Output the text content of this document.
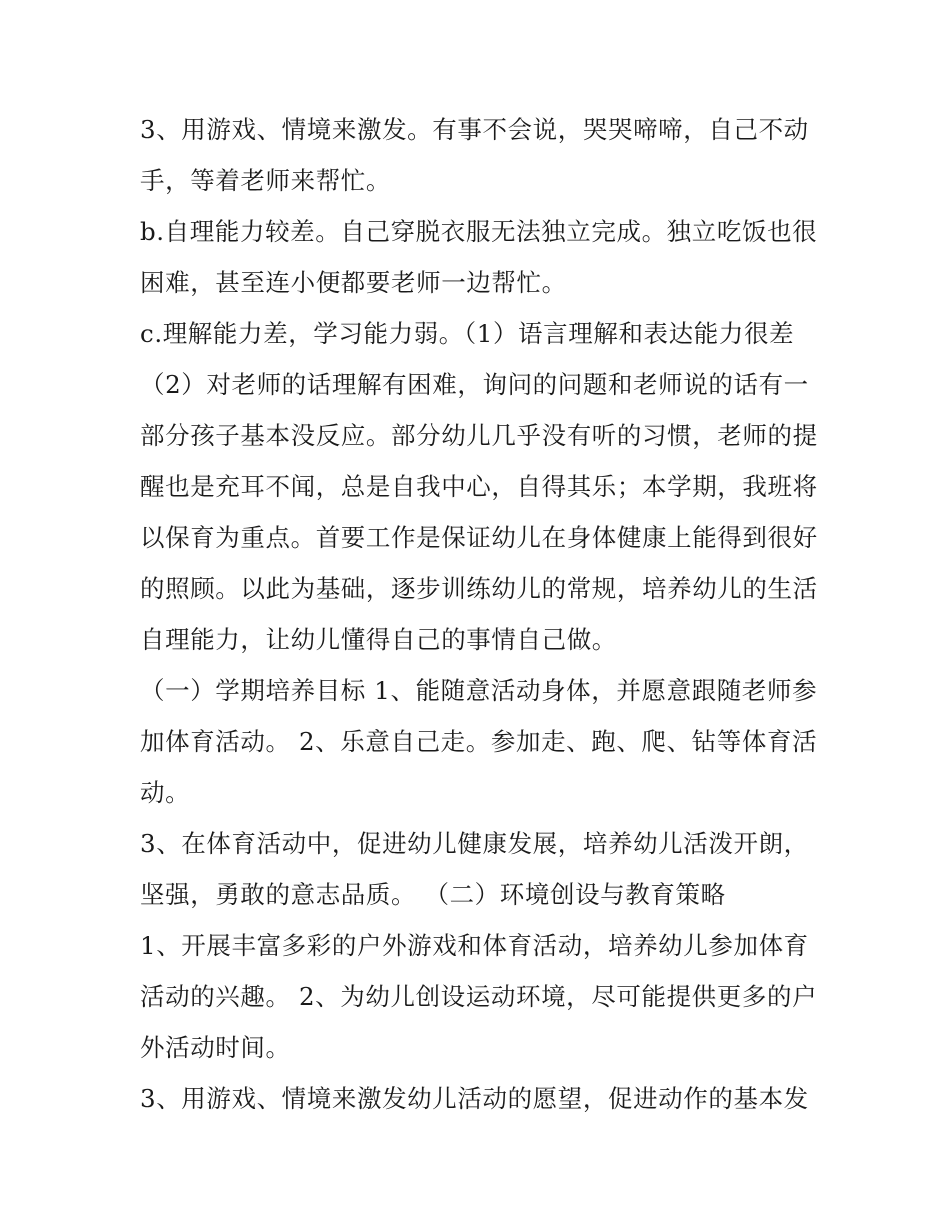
3、用游戏、情境来激发。有事不会说，哭哭啼啼，自己不动
手，等着老师来帮忙。
b.自理能力较差。自己穿脱衣服无法独立完成。独立吃饭也很
困难，甚至连小便都要老师一边帮忙。
c.理解能力差，学习能力弱。（1）语言理解和表达能力很差
（2）对老师的话理解有困难，询问的问题和老师说的话有一
部分孩子基本没反应。部分幼儿几乎没有听的习惯，老师的提
醒也是充耳不闻，总是自我中心，自得其乐；本学期，我班将
以保育为重点。首要工作是保证幼儿在身体健康上能得到很好
的照顾。以此为基础，逐步训练幼儿的常规，培养幼儿的生活
自理能力，让幼儿懂得自己的事情自己做。
（一）学期培养目标 1、能随意活动身体，并愿意跟随老师参
加体育活动。 2、乐意自己走。参加走、跑、爬、钻等体育活
动。
3、在体育活动中，促进幼儿健康发展，培养幼儿活泼开朗，
坚强，勇敢的意志品质。 （二）环境创设与教育策略
1、开展丰富多彩的户外游戏和体育活动，培养幼儿参加体育
活动的兴趣。 2、为幼儿创设运动环境，尽可能提供更多的户
外活动时间。
3、用游戏、情境来激发幼儿活动的愿望，促进动作的基本发
